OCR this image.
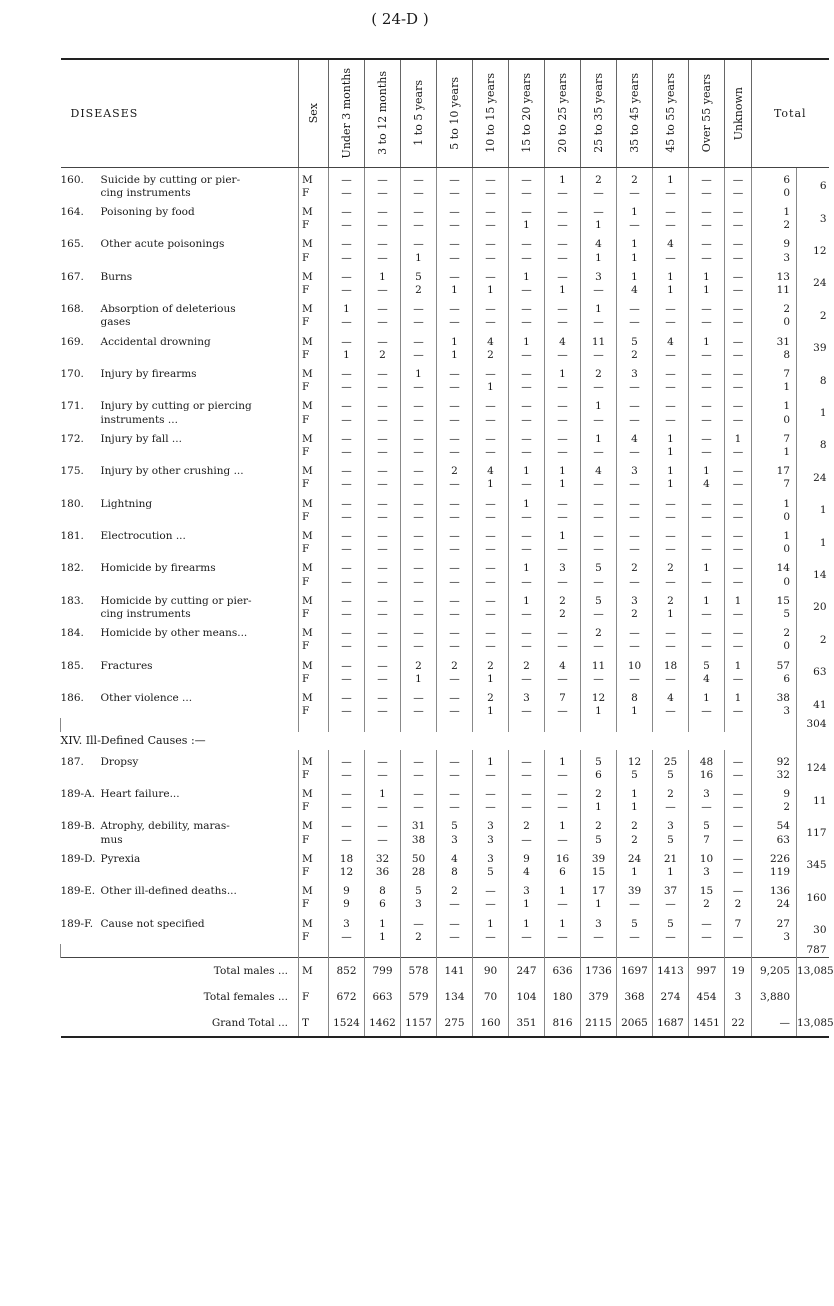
( 24-D )
DISEASES	Sex	Under 3 months	3 to 12 months	1 to 5 years	5 to 10 years	10 to 15 years	15 to 20 years	20 to 25 years	25 to 35 years	35 to 45 years	45 to 55 years	Over 55 years	Unknown	Total	
160. Suicide by cutting or pier-	M	—	—	—	—	—	—	1	2	2	1	—	—	6	6
cing instruments	F	—	—	—	—	—	—	—	—	—	—	—	—	0	
164. Poisoning by food	M	—	—	—	—	—	—	—	—	1	—	—	—	1	3
	F	—	—	—	—	—	1	—	1	—	—	—	—	2	
165. Other acute poisonings	M	—	—	—	—	—	—	—	4	1	4	—	—	9	12
	F	—	—	1	—	—	—	—	1	1	—	—	—	3	
167. Burns	M	—	1	5	—	—	1	—	3	1	1	1	—	13	24
	F	—	—	2	1	1	—	1	—	4	1	1	—	11	
168. Absorption of deleterious	M	1	—	—	—	—	—	—	1	—	—	—	—	2	2
gases	F	—	—	—	—	—	—	—	—	—	—	—	—	0	
169. Accidental drowning	M	—	—	—	1	4	1	4	11	5	4	1	—	31	39
	F	1	2	—	1	2	—	—	—	2	—	—	—	8	
170. Injury by firearms	M	—	—	1	—	—	—	1	2	3	—	—	—	7	8
	F	—	—	—	—	1	—	—	—	—	—	—	—	1	
171. Injury by cutting or piercing	M	—	—	—	—	—	—	—	1	—	—	—	—	1	1
instruments ...	F	—	—	—	—	—	—	—	—	—	—	—	—	0	
172. Injury by fall ...	M	—	—	—	—	—	—	—	1	4	1	—	1	7	8
	F	—	—	—	—	—	—	—	—	—	1	—	—	1	
175. Injury by other crushing ...	M	—	—	—	2	4	1	1	4	3	1	1	—	17	24
	F	—	—	—	—	1	—	1	—	—	1	4	—	7	
180. Lightning	M	—	—	—	—	—	1	—	—	—	—	—	—	1	1
	F	—	—	—	—	—	—	—	—	—	—	—	—	0	
181. Electrocution ...	M	—	—	—	—	—	—	1	—	—	—	—	—	1	1
	F	—	—	—	—	—	—	—	—	—	—	—	—	0	
182. Homicide by firearms	M	—	—	—	—	—	1	3	5	2	2	1	—	14	14
	F	—	—	—	—	—	—	—	—	—	—	—	—	0	
183. Homicide by cutting or pier-	M	—	—	—	—	—	1	2	5	3	2	1	1	15	20
cing instruments	F	—	—	—	—	—	—	2	—	2	1	—	—	5	
184. Homicide by other means...	M	—	—	—	—	—	—	—	2	—	—	—	—	2	2
	F	—	—	—	—	—	—	—	—	—	—	—	—	0	
185. Fractures	M	—	—	2	2	2	2	4	11	10	18	5	1	57	63
	F	—	—	1	—	1	—	—	—	—	—	4	—	6	
186. Other violence ...	M	—	—	—	—	2	3	7	12	8	4	1	1	38	41
	F	—	—	—	—	1	—	—	1	1	—	—	—	3	
															304
XIV. Ill-Defined Causes :—															
187. Dropsy	M	—	—	—	—	1	—	1	5	12	25	48	—	92	124
	F	—	—	—	—	—	—	—	6	5	5	16	—	32	
189-A. Heart failure...	M	—	1	—	—	—	—	—	2	1	2	3	—	9	11
	F	—	—	—	—	—	—	—	1	1	—	—	—	2	
189-B. Atrophy, debility, maras-	M	—	—	31	5	3	2	1	2	2	3	5	—	54	117
mus	F	—	—	38	3	3	—	—	5	2	5	7	—	63	
189-D. Pyrexia	M	18	32	50	4	3	9	16	39	24	21	10	—	226	345
	F	12	36	28	8	5	4	6	15	1	1	3	—	119	
189-E. Other ill-defined deaths...	M	9	8	5	2	—	3	1	17	39	37	15	—	136	160
	F	9	6	3	—	—	1	—	1	—	—	2	2	24	
189-F. Cause not specified	M	3	1	—	—	1	1	1	3	5	5	—	7	27	30
	F	—	1	2	—	—	—	—	—	—	—	—	—	3	
															787
Total males ...	M	852	799	578	141	90	247	636	1736	1697	1413	997	19	9,205	13,085
Total females ...	F	672	663	579	134	70	104	180	379	368	274	454	3	3,880	
Grand Total ...	T	1524	1462	1157	275	160	351	816	2115	2065	1687	1451	22	—	13,085
